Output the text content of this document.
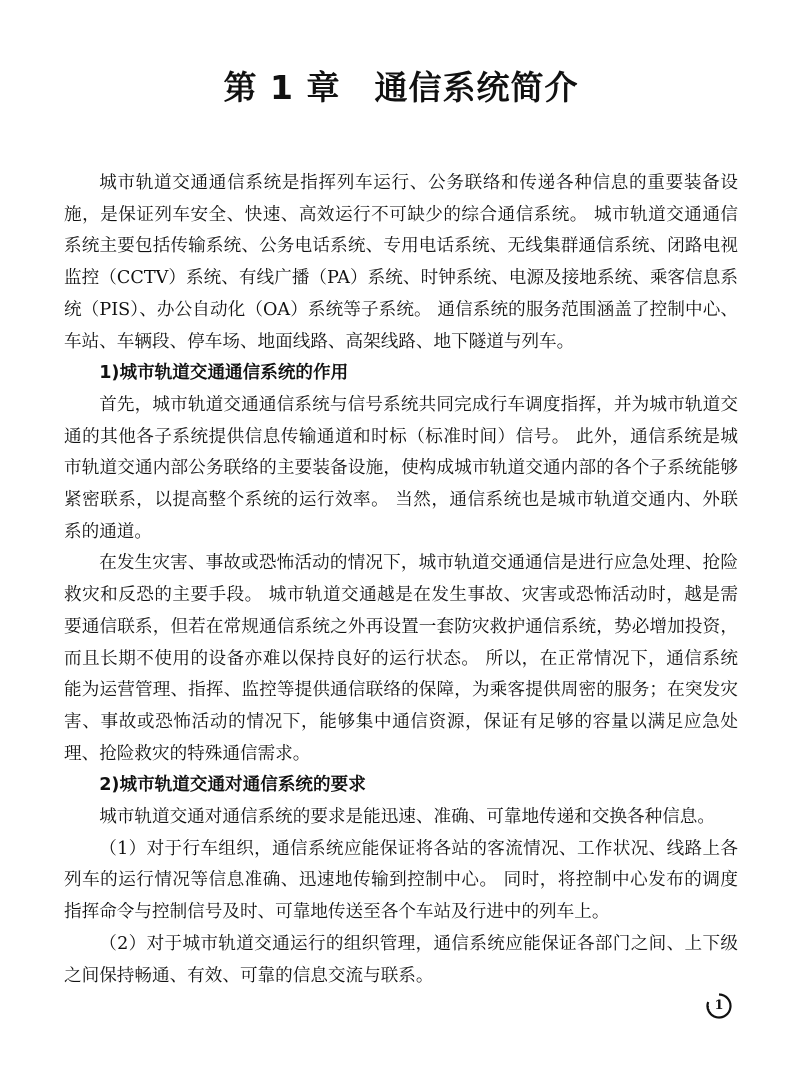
第 1 章　通信系统简介

城市轨道交通通信系统是指挥列车运行、公务联络和传递各种信息的重要装备设施，是保证列车安全、快速、高效运行不可缺少的综合通信系统。 城市轨道交通通信系统主要包括传输系统、公务电话系统、专用电话系统、无线集群通信系统、闭路电视监控（CCTV）系统、有线广播（PA）系统、时钟系统、电源及接地系统、乘客信息系统（PIS）、办公自动化（OA）系统等子系统。 通信系统的服务范围涵盖了控制中心、车站、车辆段、停车场、地面线路、高架线路、地下隧道与列车。

1)城市轨道交通通信系统的作用

首先，城市轨道交通通信系统与信号系统共同完成行车调度指挥，并为城市轨道交通的其他各子系统提供信息传输通道和时标（标准时间）信号。 此外，通信系统是城市轨道交通内部公务联络的主要装备设施，使构成城市轨道交通内部的各个子系统能够紧密联系，以提高整个系统的运行效率。 当然，通信系统也是城市轨道交通内、外联系的通道。

在发生灾害、事故或恐怖活动的情况下，城市轨道交通通信是进行应急处理、抢险救灾和反恐的主要手段。 城市轨道交通越是在发生事故、灾害或恐怖活动时，越是需要通信联系，但若在常规通信系统之外再设置一套防灾救护通信系统，势必增加投资，而且长期不使用的设备亦难以保持良好的运行状态。 所以，在正常情况下，通信系统能为运营管理、指挥、监控等提供通信联络的保障，为乘客提供周密的服务；在突发灾害、事故或恐怖活动的情况下，能够集中通信资源，保证有足够的容量以满足应急处理、抢险救灾的特殊通信需求。

2)城市轨道交通对通信系统的要求

城市轨道交通对通信系统的要求是能迅速、准确、可靠地传递和交换各种信息。

（1）对于行车组织，通信系统应能保证将各站的客流情况、工作状况、线路上各列车的运行情况等信息准确、迅速地传输到控制中心。 同时，将控制中心发布的调度指挥命令与控制信号及时、可靠地传送至各个车站及行进中的列车上。

（2）对于城市轨道交通运行的组织管理，通信系统应能保证各部门之间、上下级之间保持畅通、有效、可靠的信息交流与联系。

1
